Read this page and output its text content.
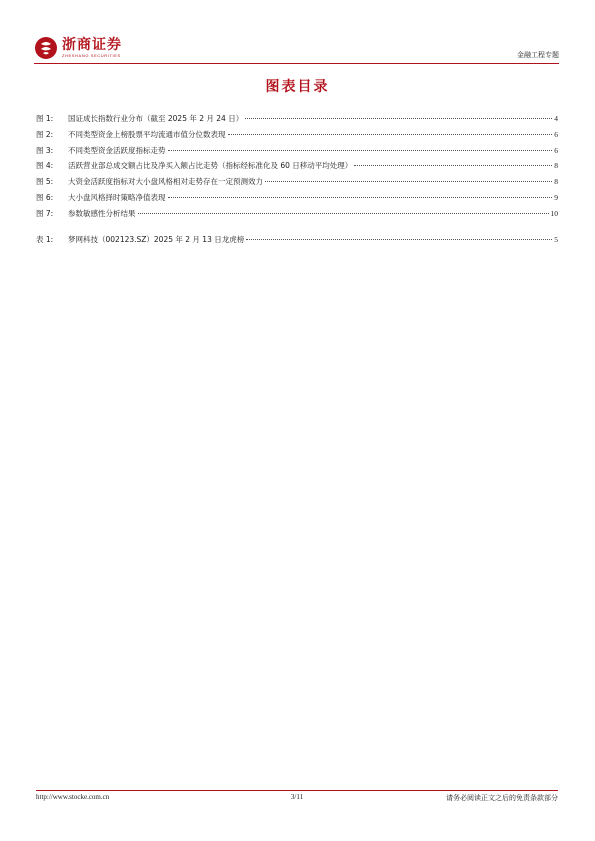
浙商证券
ZHESHANG SECURITIES	金融工程专题
图表目录
图 1:	国证成长指数行业分布（截至 2025 年 2 月 24 日）	4
图 2:	不同类型资金上榜股票平均流通市值分位数表现	6
图 3:	不同类型资金活跃度指标走势	6
图 4:	活跃营业部总成交额占比及净买入额占比走势（指标经标准化及 60 日移动平均处理）	8
图 5:	大资金活跃度指标对大小盘风格相对走势存在一定预测效力	8
图 6:	大小盘风格择时策略净值表现	9
图 7:	参数敏感性分析结果	10
表 1:	梦网科技（002123.SZ）2025 年 2 月 13 日龙虎榜	5
http://www.stocke.com.cn	3/11	请务必阅读正文之后的免责条款部分
